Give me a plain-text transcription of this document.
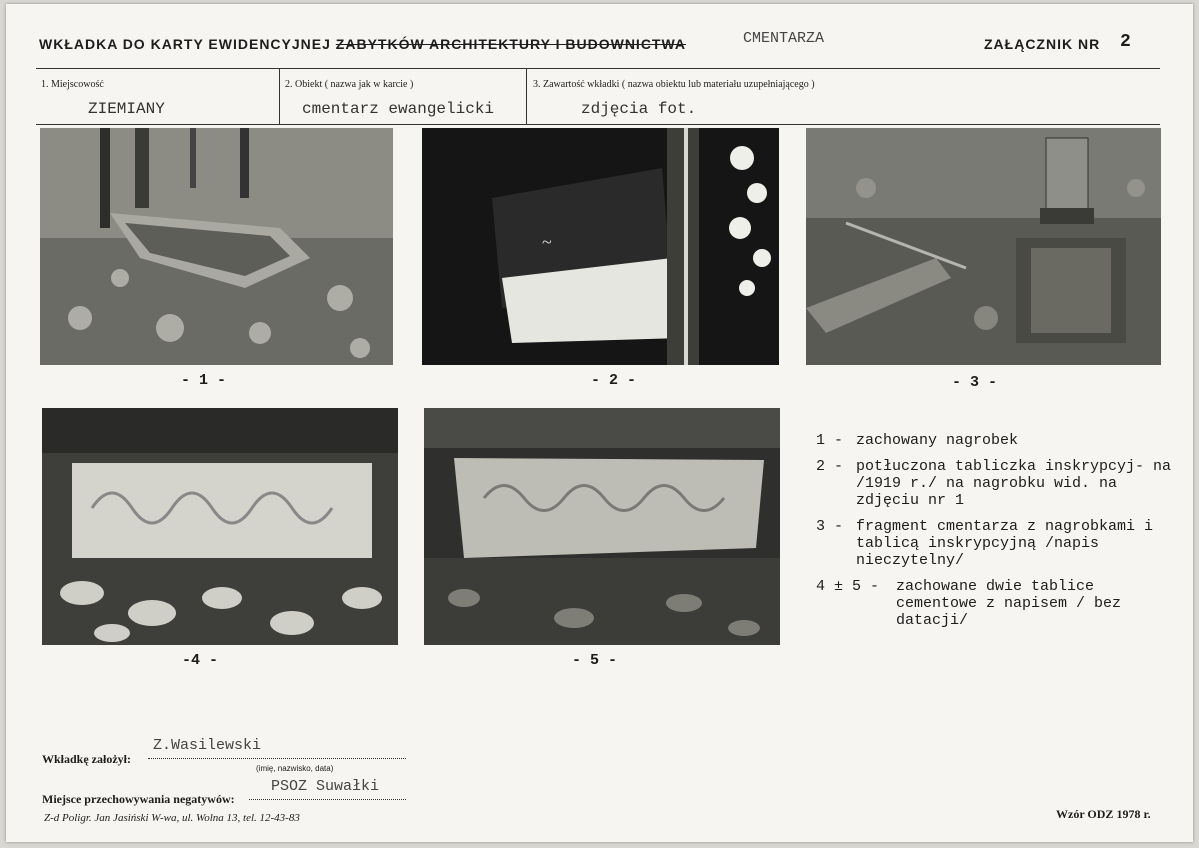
WKŁADKA DO KARTY EWIDENCYJNEJ ZABYTKÓW ARCHITEKTURY I BUDOWNICTWA	CMENTARZA	ZAŁĄCZNIK NR 2
1. Miejscowość
ZIEMIANY
2. Obiekt ( nazwa jak w karcie )
cmentarz ewangelicki
3. Zawartość wkładki ( nazwa obiektu lub materiału uzupełniającego )
zdjęcia fot.
- 1 -
~
- 2 -	- 3 -
-4 -	- 5 -
1 - zachowany nagrobek
2 - potłuczona tabliczka inskrypcyj- na /1919 r./ na nagrobku wid. na zdjęciu nr 1
3 - fragment cmentarza z nagrobkami i tablicą inskrypcyjną /napis nieczytelny/
4 ± 5 -	zachowane dwie tablice cementowe z napisem / bez datacji/
Wkładkę założył:
Z.Wasilewski
(imię, nazwisko, data)
Miejsce przechowywania negatywów:
PSOZ Suwałki
Z-d Poligr. Jan Jasiński W-wa, ul. Wolna 13, tel. 12-43-83	Wzór ODZ 1978 r.
